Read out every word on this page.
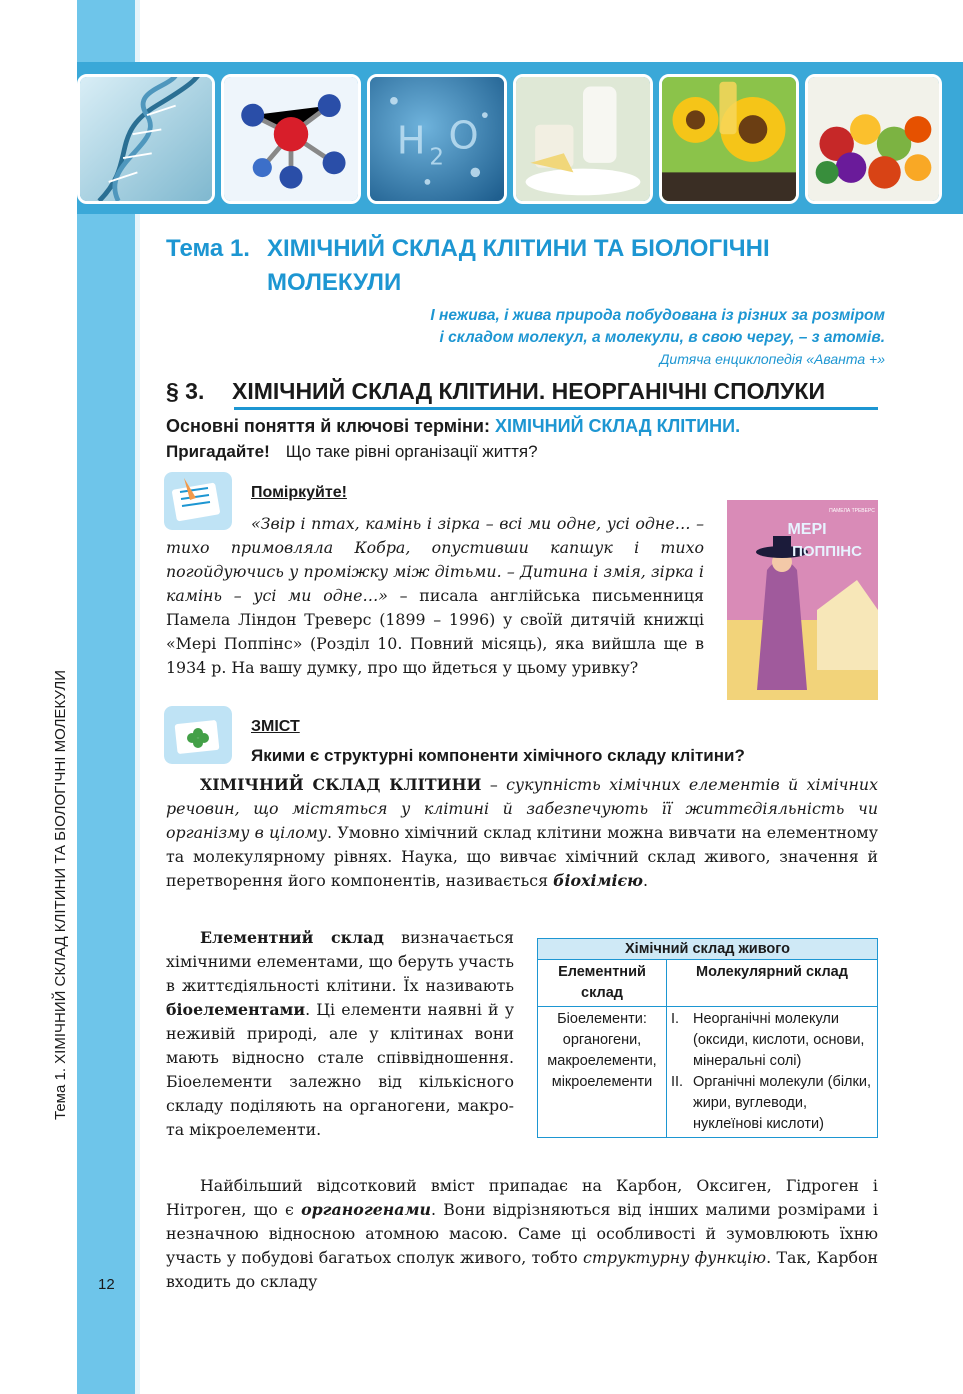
H 2 O
Тема 1. ХІМІЧНИЙ СКЛАД КЛІТИНИ ТА БІОЛОГІЧНІ МОЛЕКУЛИ
12
Тема 1. ХІМІЧНИЙ СКЛАД КЛІТИНИ ТА БІОЛОГІЧНІ
МОЛЕКУЛИ
І нежива, і жива природа побудована із різних за розміром
і складом молекул, а молекули, в свою чергу, – з атомів.
Дитяча енциклопедія «Аванта +»
§ 3. ХІМІЧНИЙ СКЛАД КЛІТИНИ. НЕОРГАНІЧНІ СПОЛУКИ
Основні поняття й ключові терміни: ХІМІЧНИЙ СКЛАД КЛІТИНИ.
Пригадайте! Що таке рівні організації життя?
Поміркуйте!
«Звір і птах, камінь і зірка – всі ми одне, усі одне… – тихо примовляла Кобра, опустивши капшук і тихо погойдуючись у проміжку між дітьми. – Дитина і змія, зірка і камінь – усі ми одне…» – писала англійська письменниця Памела Ліндон Треверс (1899 – 1996) у своїй дитячій книжці «Мері Поппінс» (Розділ 10. Повний місяць), яка вийшла ще в 1934 р. На вашу думку, про що йдеться у цьому уривку?
МЕРІ
ПОППІНС
ПАМЕЛА ТРЕВЕРС
ЗМІСТ
Якими є структурні компоненти хімічного складу клітини?
ХІМІЧНИЙ СКЛАД КЛІТИНИ – сукупність хімічних елементів й хімічних речовин, що містяться у клітині й забезпечують її життєдіяльність чи організму в цілому. Умовно хімічний склад клітини можна вивчати на елементному та молекулярному рівнях. Наука, що вивчає хімічний склад живого, значення й перетворення його компонентів, називається біохімією.
Елементний склад визначається хімічними елементами, що беруть участь в життєдіяльності клітини. Їх називають біоелементами. Ці елементи наявні й у неживій природі, але у клітинах вони мають відносно стале співвідношення. Біоелементи залежно від кількісного складу поділяють на органогени, макро- та мікроелементи.
Хімічний склад живого	
Елементний склад	Молекулярний склад
Біоелементи: органогени, макроелементи, мікроелементи	I. Неорганічні молекули (оксиди, кислоти, основи, мінеральні солі)
II. Органічні молекули (білки, жири, вуглеводи, нуклеїнові кислоти)
Найбільший відсотковий вміст припадає на Карбон, Оксиген, Гідроген і Нітроген, що є органогенами. Вони відрізняються від інших малими розмірами і незначною відносною атомною масою. Саме ці особливості й зумовлюють їхню участь у побудові багатьох сполук живого, тобто структурну функцію. Так, Карбон входить до складу
